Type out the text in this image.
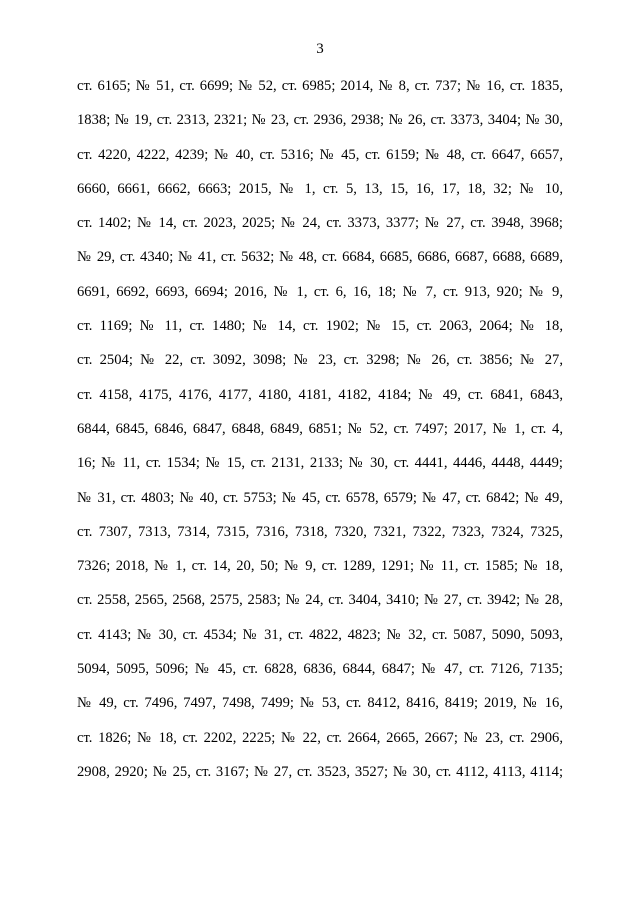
3
ст. 6165; № 51, ст. 6699; № 52, ст. 6985; 2014, № 8, ст. 737; № 16, ст. 1835,
1838; № 19, ст. 2313, 2321; № 23, ст. 2936, 2938; № 26, ст. 3373, 3404; № 30,
ст. 4220, 4222, 4239; № 40, ст. 5316; № 45, ст. 6159; № 48, ст. 6647, 6657,
6660, 6661, 6662, 6663; 2015, № 1, ст. 5, 13, 15, 16, 17, 18, 32; № 10,
ст. 1402; № 14, ст. 2023, 2025; № 24, ст. 3373, 3377; № 27, ст. 3948, 3968;
№ 29, ст. 4340; № 41, ст. 5632; № 48, ст. 6684, 6685, 6686, 6687, 6688, 6689,
6691, 6692, 6693, 6694; 2016, № 1, ст. 6, 16, 18; № 7, ст. 913, 920; № 9,
ст. 1169; № 11, ст. 1480; № 14, ст. 1902; № 15, ст. 2063, 2064; № 18,
ст. 2504; № 22, ст. 3092, 3098; № 23, ст. 3298; № 26, ст. 3856; № 27,
ст. 4158, 4175, 4176, 4177, 4180, 4181, 4182, 4184; № 49, ст. 6841, 6843,
6844, 6845, 6846, 6847, 6848, 6849, 6851; № 52, ст. 7497; 2017, № 1, ст. 4,
16; № 11, ст. 1534; № 15, ст. 2131, 2133; № 30, ст. 4441, 4446, 4448, 4449;
№ 31, ст. 4803; № 40, ст. 5753; № 45, ст. 6578, 6579; № 47, ст. 6842; № 49,
ст. 7307, 7313, 7314, 7315, 7316, 7318, 7320, 7321, 7322, 7323, 7324, 7325,
7326; 2018, № 1, ст. 14, 20, 50; № 9, ст. 1289, 1291; № 11, ст. 1585; № 18,
ст. 2558, 2565, 2568, 2575, 2583; № 24, ст. 3404, 3410; № 27, ст. 3942; № 28,
ст. 4143; № 30, ст. 4534; № 31, ст. 4822, 4823; № 32, ст. 5087, 5090, 5093,
5094, 5095, 5096; № 45, ст. 6828, 6836, 6844, 6847; № 47, ст. 7126, 7135;
№ 49, ст. 7496, 7497, 7498, 7499; № 53, ст. 8412, 8416, 8419; 2019, № 16,
ст. 1826; № 18, ст. 2202, 2225; № 22, ст. 2664, 2665, 2667; № 23, ст. 2906,
2908, 2920; № 25, ст. 3167; № 27, ст. 3523, 3527; № 30, ст. 4112, 4113, 4114;
